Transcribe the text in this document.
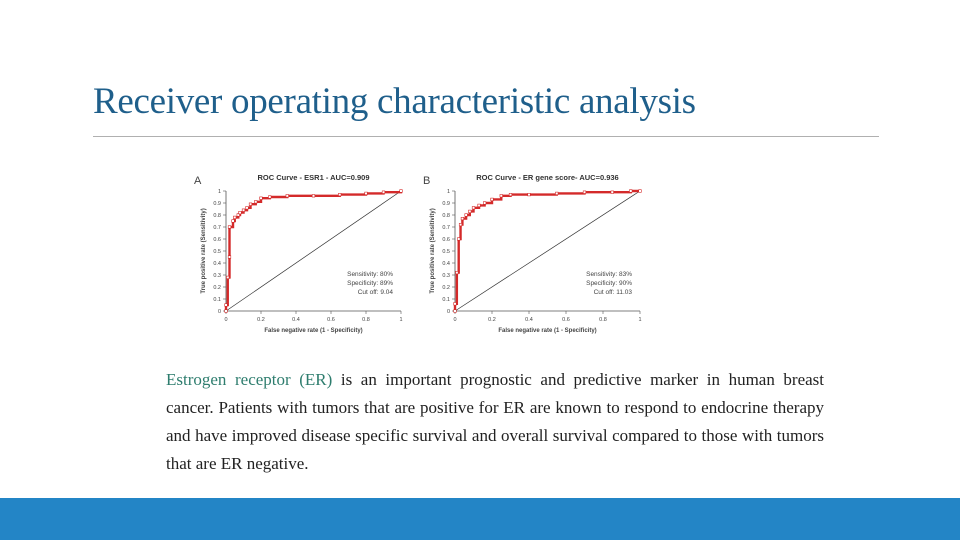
Receiver operating characteristic analysis
A	ROC Curve - ESR1 - AUC=0.909
0	0.2	0.4	0.6	0.8	1
0
0.1
0.2
0.3
0.4
0.5
0.6
0.7
0.8
0.9
1
False negative rate (1 - Specificity)
True positive rate (Sensitivity)	Sensitivity: 80%
Specificity: 89%
Cut off: 9.04
B	ROC Curve - ER gene score- AUC=0.936
0	0.2	0.4	0.6	0.8	1
0
0.1
0.2
0.3
0.4
0.5
0.6
0.7
0.8
0.9
1
False negative rate (1 - Specificity)
True positive rate (Sensitivity)	Sensitivity: 83%
Specificity: 90%
Cut off: 11.03

Estrogen receptor (ER) is an important prognostic and predictive marker in human breast cancer. Patients with tumors that are positive for ER are known to respond to endocrine therapy and have improved disease specific survival and overall survival compared to those with tumors that are ER negative.
